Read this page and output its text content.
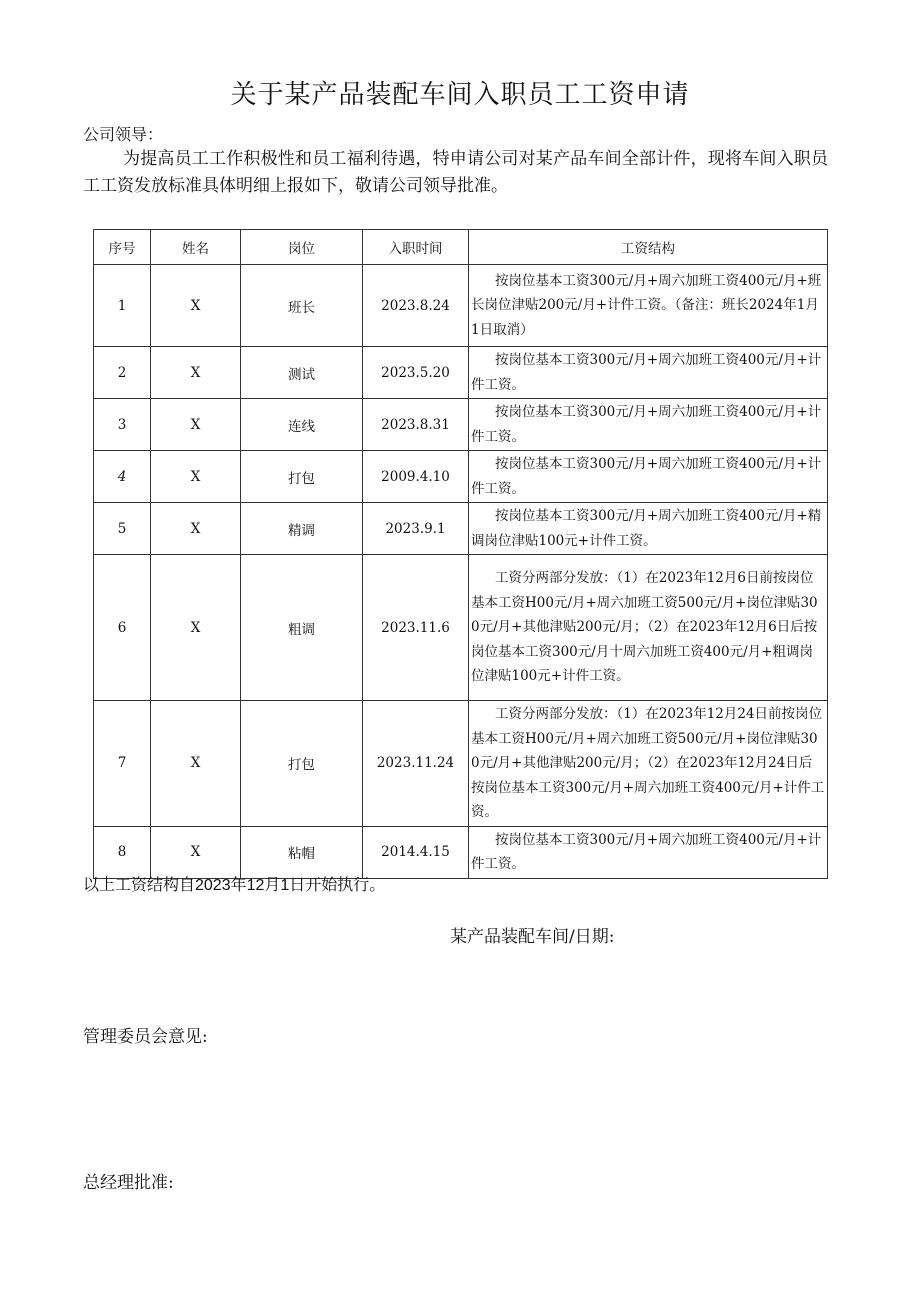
关于某产品装配车间入职员工工资申请
公司领导：
为提高员工工作积极性和员工福利待遇，特申请公司对某产品车间全部计件，现将车间入职员工工资发放标准具体明细上报如下，敬请公司领导批准。
序号	姓名	岗位	入职时间	工资结构
1	X	班长	2023.8.24	按岗位基本工资300元/月+周六加班工资400元/月+班长岗位津贴200元/月+计件工资。（备注：班长2024年1月1日取消）
2	X	测试	2023.5.20	按岗位基本工资300元/月+周六加班工资400元/月+计件工资。
3	X	连线	2023.8.31	按岗位基本工资300元/月+周六加班工资400元/月+计件工资。
4	X	打包	2009.4.10	按岗位基本工资300元/月+周六加班工资400元/月+计件工资。
5	X	精调	2023.9.1	按岗位基本工资300元/月+周六加班工资400元/月+精调岗位津贴100元+计件工资。
6	X	粗调	2023.11.6	工资分两部分发放：（1）在2023年12月6日前按岗位基本工资H00元/月+周六加班工资500元/月+岗位津贴300元/月+其他津贴200元/月；（2）在2023年12月6日后按岗位基本工资300元/月十周六加班工资400元/月+粗调岗位津贴100元+计件工资。
7	X	打包	2023.11.24	工资分两部分发放：（1）在2023年12月24日前按岗位基本工资H00元/月+周六加班工资500元/月+岗位津贴300元/月+其他津贴200元/月；（2）在2023年12月24日后按岗位基本工资300元/月+周六加班工资400元/月+计件工资。
8	X	粘帽	2014.4.15	按岗位基本工资300元/月+周六加班工资400元/月+计件工资。
以上工资结构自2023年12月1日开始执行。
某产品装配车间/日期:
管理委员会意见:
总经理批准:
